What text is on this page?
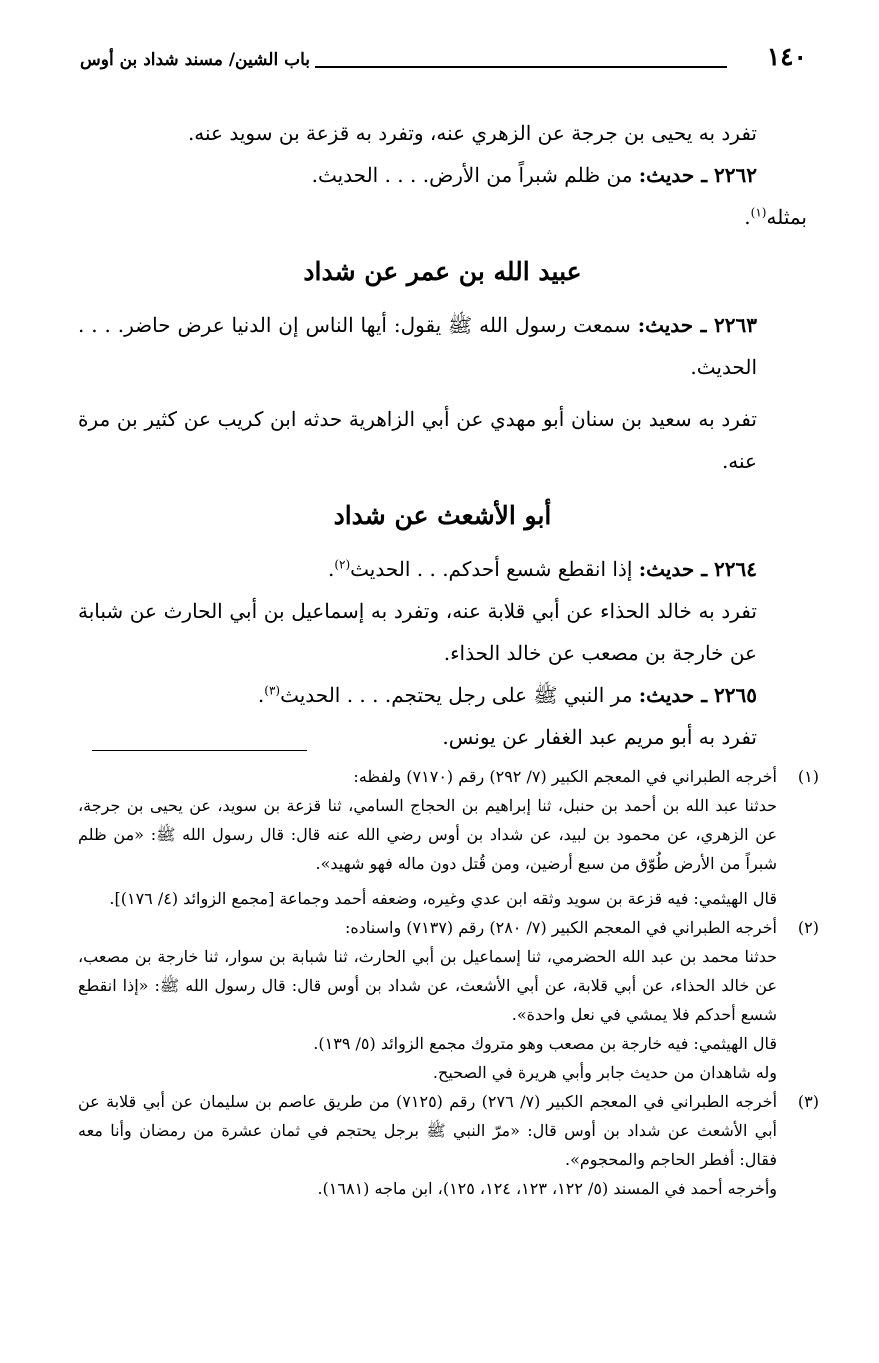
١٤٠
باب الشين/ مسند شداد بن أوس

تفرد به يحيى بن جرجة عن الزهري عنه، وتفرد به قزعة بن سويد عنه.

٢٢٦٢ ـ حديث: من ظلم شبراً من الأرض. . . . الحديث.

بمثله$^{(١)}$.

عبيد الله بن عمر عن شداد

٢٢٦٣ ـ حديث: سمعت رسول الله ﷺ يقول: أيها الناس إن الدنيا عرض حاضر. . . . الحديث.

تفرد به سعيد بن سنان أبو مهدي عن أبي الزاهرية حدثه ابن كريب عن كثير بن مرة عنه.

أبو الأشعث عن شداد

٢٢٦٤ ـ حديث: إذا انقطع شسع أحدكم. . . الحديث$^{(٢)}$.

تفرد به خالد الحذاء عن أبي قلابة عنه، وتفرد به إسماعيل بن أبي الحارث عن شبابة عن خارجة بن مصعب عن خالد الحذاء.

٢٢٦٥ ـ حديث: مر النبي ﷺ على رجل يحتجم. . . . الحديث$^{(٣)}$.

تفرد به أبو مريم عبد الغفار عن يونس.

(١)
أخرجه الطبراني في المعجم الكبير (٧/ ٢٩٢) رقم (٧١٧٠) ولفظه:

حدثنا عبد الله بن أحمد بن حنبل، ثنا إبراهيم بن الحجاج السامي، ثنا قزعة بن سويد، عن يحيى بن جرجة، عن الزهري، عن محمود بن لبيد، عن شداد بن أوس رضي الله عنه قال: قال رسول الله ﷺ: «من ظلم شبراً من الأرض طُوّق من سبع أرضين، ومن قُتل دون ماله فهو شهيد».

قال الهيثمي: فيه قزعة بن سويد وثقه ابن عدي وغيره، وضعفه أحمد وجماعة [مجمع الزوائد (٤/ ١٧٦)].

(٢)
أخرجه الطبراني في المعجم الكبير (٧/ ٢٨٠) رقم (٧١٣٧) واسناده:

حدثنا محمد بن عبد الله الحضرمي، ثنا إسماعيل بن أبي الحارث، ثنا شبابة بن سوار، ثنا خارجة بن مصعب، عن خالد الحذاء، عن أبي قلابة، عن أبي الأشعث، عن شداد بن أوس قال: قال رسول الله ﷺ: «إذا انقطع شسع أحدكم فلا يمشي في نعل واحدة».

قال الهيثمي: فيه خارجة بن مصعب وهو متروك مجمع الزوائد (٥/ ١٣٩).

وله شاهدان من حديث جابر وأبي هريرة في الصحيح.

(٣)
أخرجه الطبراني في المعجم الكبير (٧/ ٢٧٦) رقم (٧١٢٥) من طريق عاصم بن سليمان عن أبي قلابة عن أبي الأشعث عن شداد بن أوس قال: «مرّ النبي ﷺ برجل يحتجم في ثمان عشرة من رمضان وأنا معه فقال: أفطر الحاجم والمحجوم».

وأخرجه أحمد في المسند (٥/ ١٢٢، ١٢٣، ١٢٤، ١٢٥)، ابن ماجه (١٦٨١).
